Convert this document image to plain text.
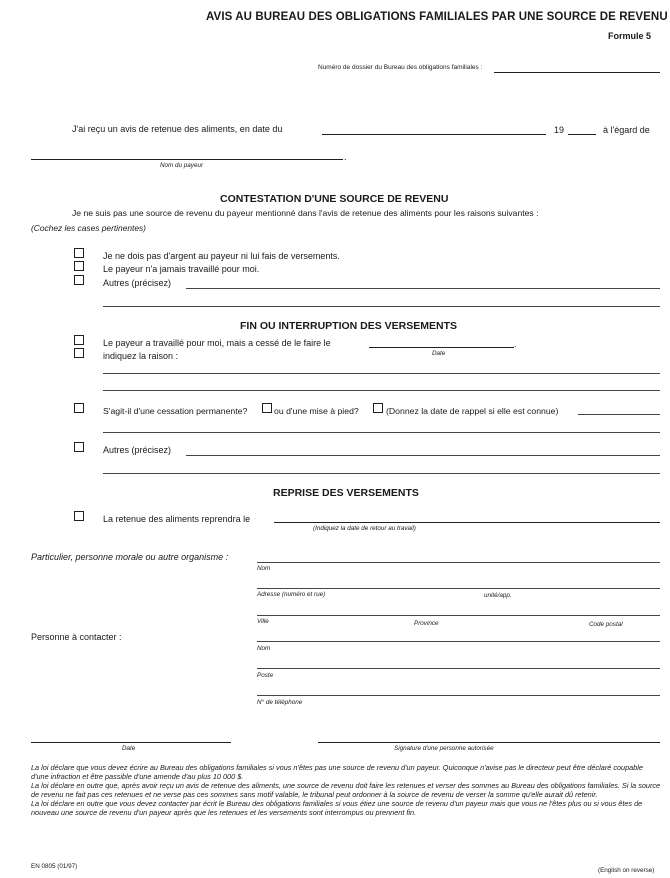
AVIS AU BUREAU DES OBLIGATIONS FAMILIALES PAR UNE SOURCE DE REVENU
Formule 5
Numéro de dossier du Bureau des obligations familiales :
J'ai reçu un avis de retenue des aliments, en date du	19	à l'égard de
.
Nom du payeur
CONTESTATION D'UNE SOURCE DE REVENU
Je ne suis pas une source de revenu du payeur mentionné dans l'avis de retenue des aliments pour les raisons suivantes :
(Cochez les cases pertinentes)
Je ne dois pas d'argent au payeur ni lui fais de versements.
Le payeur n'a jamais travaillé pour moi.
Autres (précisez)
FIN OU INTERRUPTION DES VERSEMENTS
Le payeur a travaillé pour moi, mais a cessé de le faire le	.
Date
indiquez la raison :
S'agit-il d'une cessation permanente?	ou d'une mise à pied?	(Donnez la date de rappel si elle est connue)
Autres (précisez)
REPRISE DES VERSEMENTS
La retenue des aliments reprendra le
(Indiquez la date de retour au travail)
Particulier, personne morale ou autre organisme :
Nom
Adresse (numéro et rue)	unité/app.
Ville	Province	Code postal
Personne à contacter :
Nom
Poste
N° de téléphone
Date	Signature d'une personne autorisée

La loi déclare que vous devez écrire au Bureau des obligations familiales si vous n'êtes pas une source de revenu d'un payeur. Quiconque n'avise pas le directeur peut être déclaré coupable d'une infraction et être passible d'une amende d'au plus 10 000 $.

La loi déclare en outre que, après avoir reçu un avis de retenue des aliments, une source de revenu doit faire les retenues et verser des sommes au Bureau des obligations familiales. Si la source de revenu ne fait pas ces retenues et ne verse pas ces sommes sans motif valable, le tribunal peut ordonner à la source de revenu de verser la somme qu'elle aurait dû retenir.

La loi déclare en outre que vous devez contacter par écrit le Bureau des obligations familiales si vous étiez une source de revenu d'un payeur mais que vous ne l'êtes plus ou si vous êtes de nouveau une source de revenu d'un payeur après que les retenues et les versements sont interrompus ou prennent fin.

EN 0805 (01/97)
(English on reverse)
